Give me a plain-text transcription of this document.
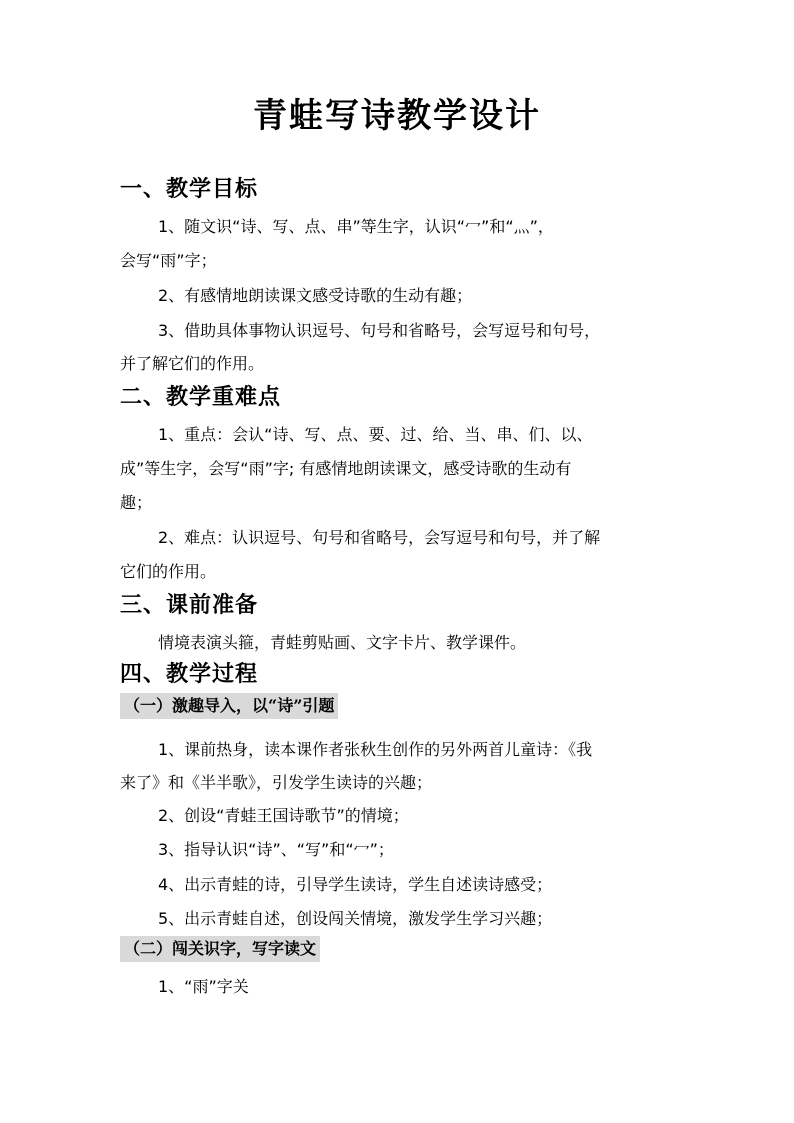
青蛙写诗教学设计
一、教学目标

1、随文识“诗、写、点、串”等生字，认识“冖”和“灬”，

会写“雨”字；

2、有感情地朗读课文感受诗歌的生动有趣；

3、借助具体事物认识逗号、句号和省略号，会写逗号和句号，

并了解它们的作用。

二、教学重难点

1、重点：会认“诗、写、点、要、过、给、当、串、们、以、

成”等生字，会写“雨”字; 有感情地朗读课文，感受诗歌的生动有

趣；

2、难点：认识逗号、句号和省略号，会写逗号和句号，并了解

它们的作用。

三、课前准备

情境表演头箍，青蛙剪贴画、文字卡片、教学课件。

四、教学过程

（一）激趣导入，以“诗”引题

1、课前热身，读本课作者张秋生创作的另外两首儿童诗：《我

来了》和《半半歌》，引发学生读诗的兴趣；

2、创设“青蛙王国诗歌节”的情境；

3、指导认识“诗”、“写”和“冖”；

4、出示青蛙的诗，引导学生读诗，学生自述读诗感受；

5、出示青蛙自述，创设闯关情境，激发学生学习兴趣；

（二）闯关识字，写字读文

1、“雨”字关
